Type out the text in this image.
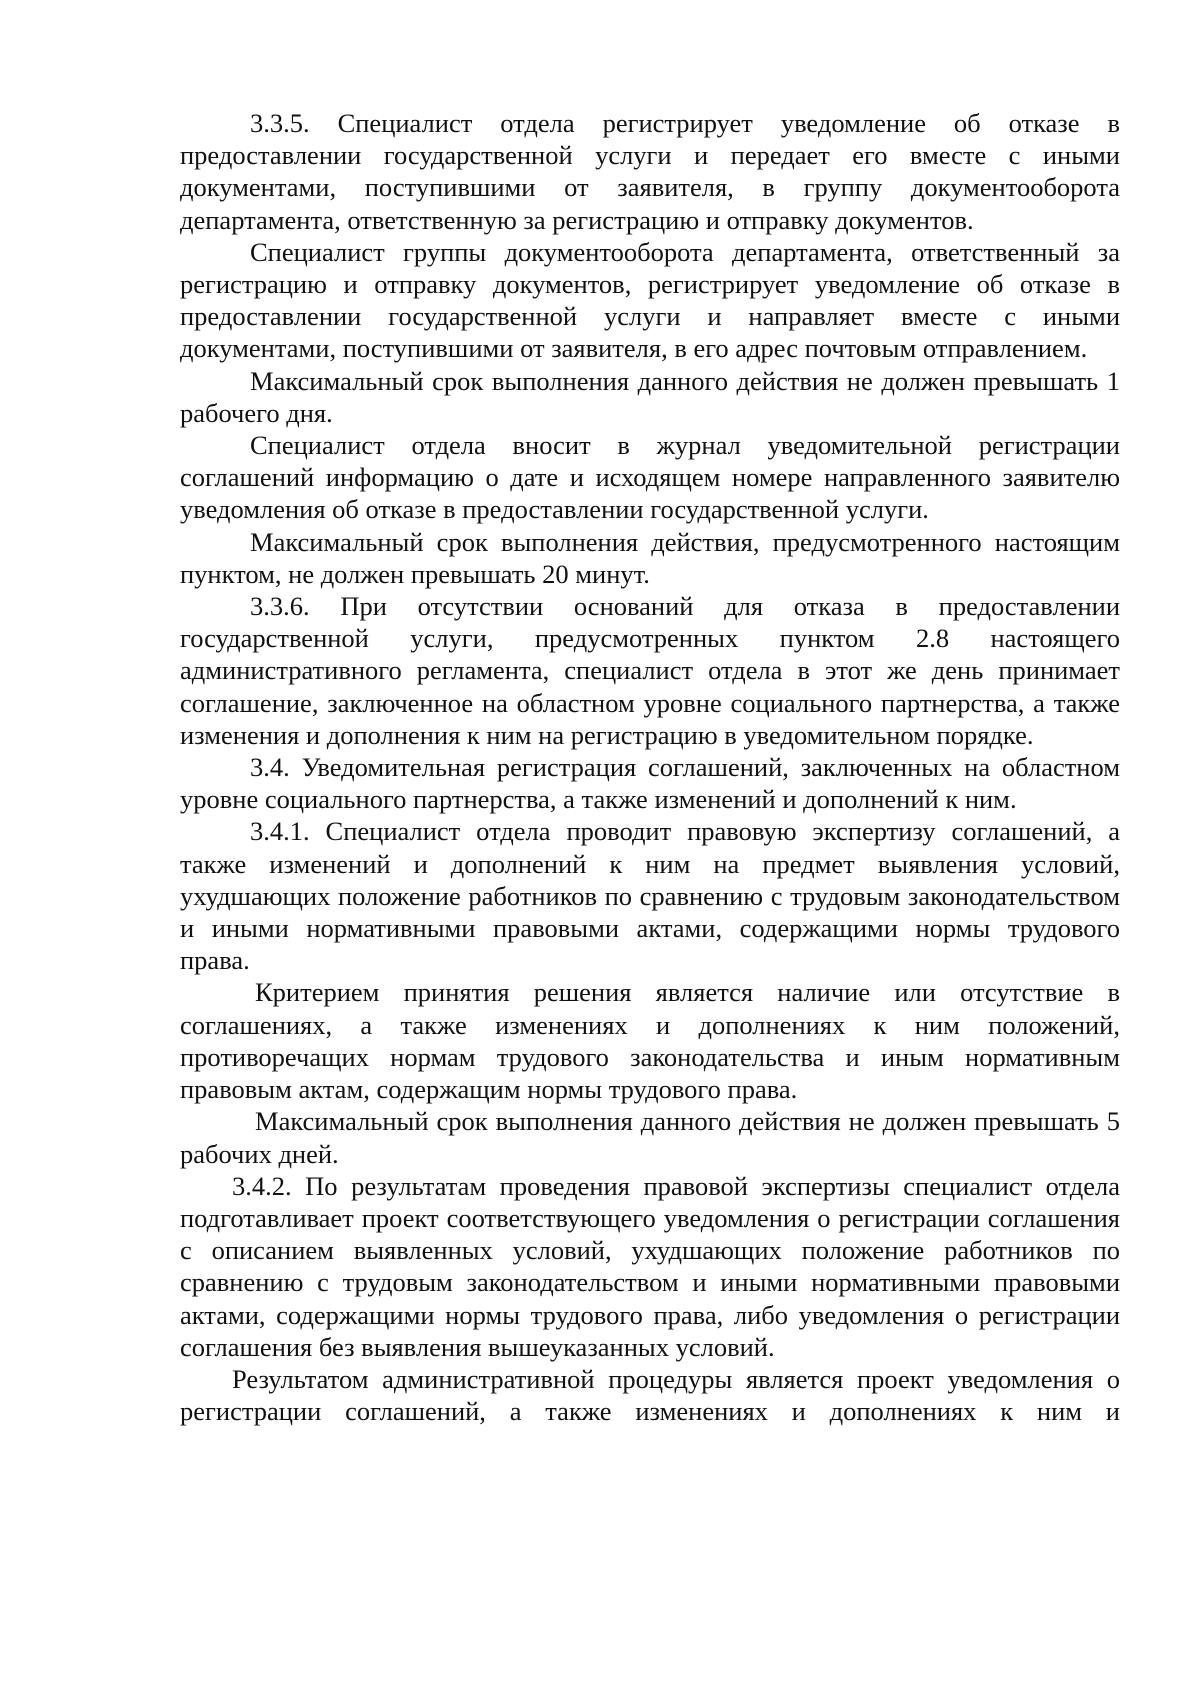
3.3.5. Специалист отдела регистрирует уведомление об отказе в предоставлении государственной услуги и передает его вместе с иными документами, поступившими от заявителя, в группу документооборота департамента, ответственную за регистрацию и отправку документов.

Специалист группы документооборота департамента, ответственный за регистрацию и отправку документов, регистрирует уведомление об отказе в предоставлении государственной услуги и направляет вместе с иными документами, поступившими от заявителя, в его адрес почтовым отправлением.

Максимальный срок выполнения данного действия не должен превышать 1 рабочего дня.

Специалист отдела вносит в журнал уведомительной регистрации соглашений информацию о дате и исходящем номере направленного заявителю уведомления об отказе в предоставлении государственной услуги.

Максимальный срок выполнения действия, предусмотренного настоящим пунктом, не должен превышать 20 минут.

3.3.6. При отсутствии оснований для отказа в предоставлении государственной услуги, предусмотренных пунктом 2.8 настоящего административного регламента, специалист отдела в этот же день принимает соглашение, заключенное на областном уровне социального партнерства, а также изменения и дополнения к ним на регистрацию в уведомительном порядке.

3.4. Уведомительная регистрация соглашений, заключенных на областном уровне социального партнерства, а также изменений и дополнений к ним.

3.4.1. Специалист отдела проводит правовую экспертизу соглашений, а также изменений и дополнений к ним на предмет выявления условий, ухудшающих положение работников по сравнению с трудовым законодательством и иными нормативными правовыми актами, содержащими нормы трудового права.

Критерием принятия решения является наличие или отсутствие в соглашениях, а также изменениях и дополнениях к ним положений, противоречащих нормам трудового законодательства и иным нормативным правовым актам, содержащим нормы трудового права.

Максимальный срок выполнения данного действия не должен превышать 5 рабочих дней.

3.4.2. По результатам проведения правовой экспертизы специалист отдела подготавливает проект соответствующего уведомления о регистрации соглашения с описанием выявленных условий, ухудшающих положение работников по сравнению с трудовым законодательством и иными нормативными правовыми актами, содержащими нормы трудового права, либо уведомления о регистрации соглашения без выявления вышеуказанных условий.

Результатом административной процедуры является проект уведомления о регистрации соглашений, а также изменениях и дополнениях к ним и
